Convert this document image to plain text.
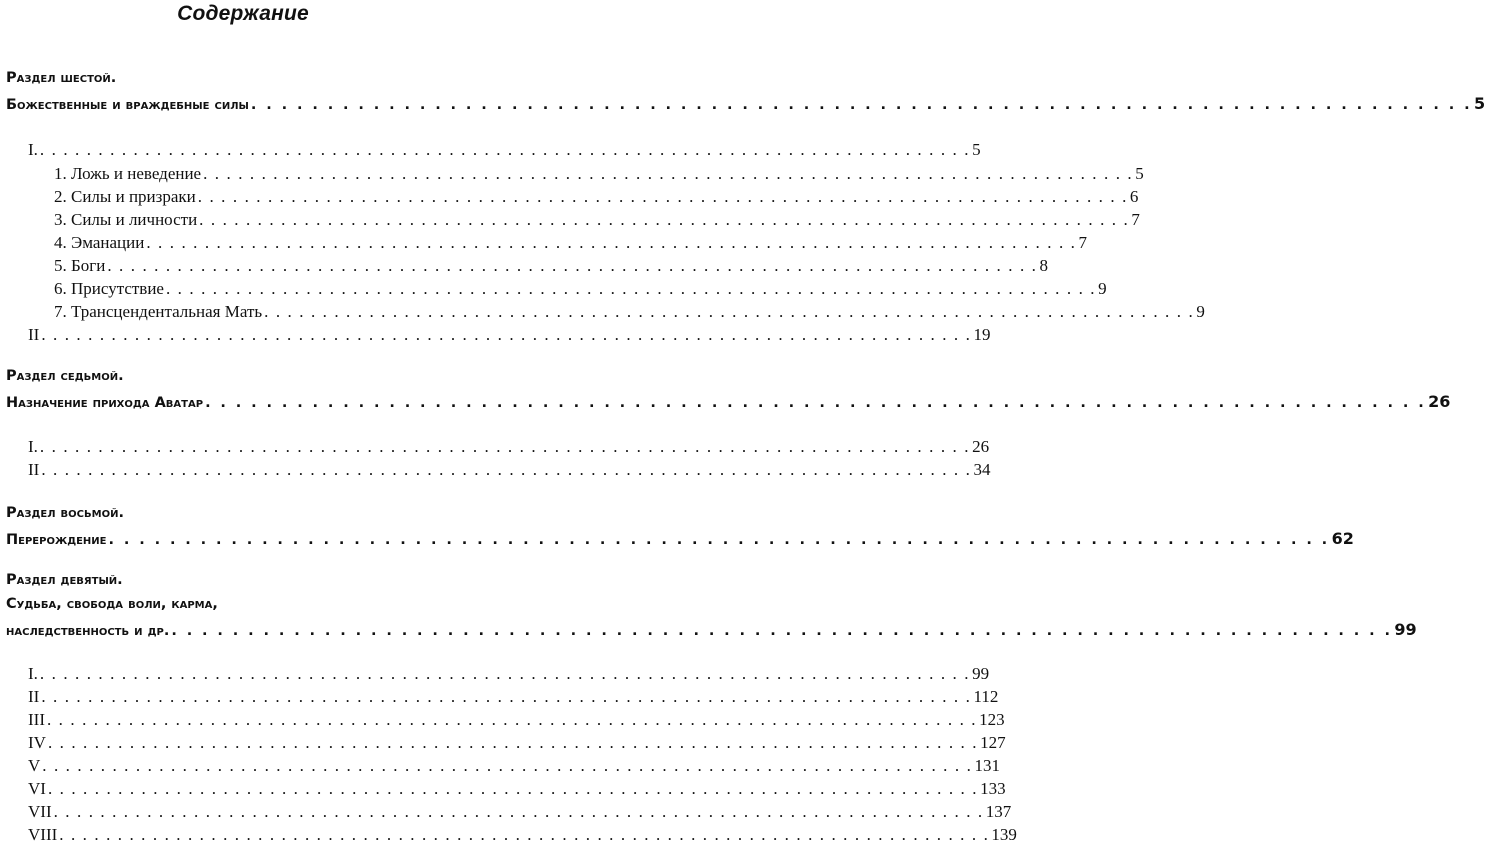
Содержание
Раздел шестой.
Божественные и враждебные силы . . . . . . . . . . . . . . . . . . . . . . . . . . . . . . . . . . . . . . . . . . . . . . . . . . . . . . . . . . . . . . . . . . . . . . . . . . . . . . . . 5
I. . . . . . . . . . . . . . . . . . . . . . . . . . . . . . . . . . . . . . . . . . . . . . . . . . . . . . . . . . . . . . . . . . . . . . . . . . . . . . . . . 5
1. Ложь и неведение . . . . . . . . . . . . . . . . . . . . . . . . . . . . . . . . . . . . . . . . . . . . . . . . . . . . . . . . . . . . . . . . . . . . . . . . . . . . . . . . 5
2. Силы и призраки . . . . . . . . . . . . . . . . . . . . . . . . . . . . . . . . . . . . . . . . . . . . . . . . . . . . . . . . . . . . . . . . . . . . . . . . . . . . . . . . 6
3. Силы и личности . . . . . . . . . . . . . . . . . . . . . . . . . . . . . . . . . . . . . . . . . . . . . . . . . . . . . . . . . . . . . . . . . . . . . . . . . . . . . . . . 7
4. Эманации . . . . . . . . . . . . . . . . . . . . . . . . . . . . . . . . . . . . . . . . . . . . . . . . . . . . . . . . . . . . . . . . . . . . . . . . . . . . . . . . 7
5. Боги . . . . . . . . . . . . . . . . . . . . . . . . . . . . . . . . . . . . . . . . . . . . . . . . . . . . . . . . . . . . . . . . . . . . . . . . . . . . . . . . 8
6. Присутствие . . . . . . . . . . . . . . . . . . . . . . . . . . . . . . . . . . . . . . . . . . . . . . . . . . . . . . . . . . . . . . . . . . . . . . . . . . . . . . . . 9
7. Трансцендентальная Мать . . . . . . . . . . . . . . . . . . . . . . . . . . . . . . . . . . . . . . . . . . . . . . . . . . . . . . . . . . . . . . . . . . . . . . . . . . . . . . . . 9
II . . . . . . . . . . . . . . . . . . . . . . . . . . . . . . . . . . . . . . . . . . . . . . . . . . . . . . . . . . . . . . . . . . . . . . . . . . . . . . . . 19
Раздел седьмой.
Назначение прихода Аватар . . . . . . . . . . . . . . . . . . . . . . . . . . . . . . . . . . . . . . . . . . . . . . . . . . . . . . . . . . . . . . . . . . . . . . . . . . . . . . . . 26
I. . . . . . . . . . . . . . . . . . . . . . . . . . . . . . . . . . . . . . . . . . . . . . . . . . . . . . . . . . . . . . . . . . . . . . . . . . . . . . . . . 26
II . . . . . . . . . . . . . . . . . . . . . . . . . . . . . . . . . . . . . . . . . . . . . . . . . . . . . . . . . . . . . . . . . . . . . . . . . . . . . . . . 34
Раздел восьмой.
Перерождение . . . . . . . . . . . . . . . . . . . . . . . . . . . . . . . . . . . . . . . . . . . . . . . . . . . . . . . . . . . . . . . . . . . . . . . . . . . . . . . . 62
Раздел девятый.
Судьба, свобода воли, карма,
наследственность и др. . . . . . . . . . . . . . . . . . . . . . . . . . . . . . . . . . . . . . . . . . . . . . . . . . . . . . . . . . . . . . . . . . . . . . . . . . . . . . . . . 99
I. . . . . . . . . . . . . . . . . . . . . . . . . . . . . . . . . . . . . . . . . . . . . . . . . . . . . . . . . . . . . . . . . . . . . . . . . . . . . . . . . 99
II . . . . . . . . . . . . . . . . . . . . . . . . . . . . . . . . . . . . . . . . . . . . . . . . . . . . . . . . . . . . . . . . . . . . . . . . . . . . . . . . 112
III . . . . . . . . . . . . . . . . . . . . . . . . . . . . . . . . . . . . . . . . . . . . . . . . . . . . . . . . . . . . . . . . . . . . . . . . . . . . . . . . 123
IV . . . . . . . . . . . . . . . . . . . . . . . . . . . . . . . . . . . . . . . . . . . . . . . . . . . . . . . . . . . . . . . . . . . . . . . . . . . . . . . . 127
V . . . . . . . . . . . . . . . . . . . . . . . . . . . . . . . . . . . . . . . . . . . . . . . . . . . . . . . . . . . . . . . . . . . . . . . . . . . . . . . . 131
VI . . . . . . . . . . . . . . . . . . . . . . . . . . . . . . . . . . . . . . . . . . . . . . . . . . . . . . . . . . . . . . . . . . . . . . . . . . . . . . . . 133
VII . . . . . . . . . . . . . . . . . . . . . . . . . . . . . . . . . . . . . . . . . . . . . . . . . . . . . . . . . . . . . . . . . . . . . . . . . . . . . . . . 137
VIII . . . . . . . . . . . . . . . . . . . . . . . . . . . . . . . . . . . . . . . . . . . . . . . . . . . . . . . . . . . . . . . . . . . . . . . . . . . . . . . . 139
